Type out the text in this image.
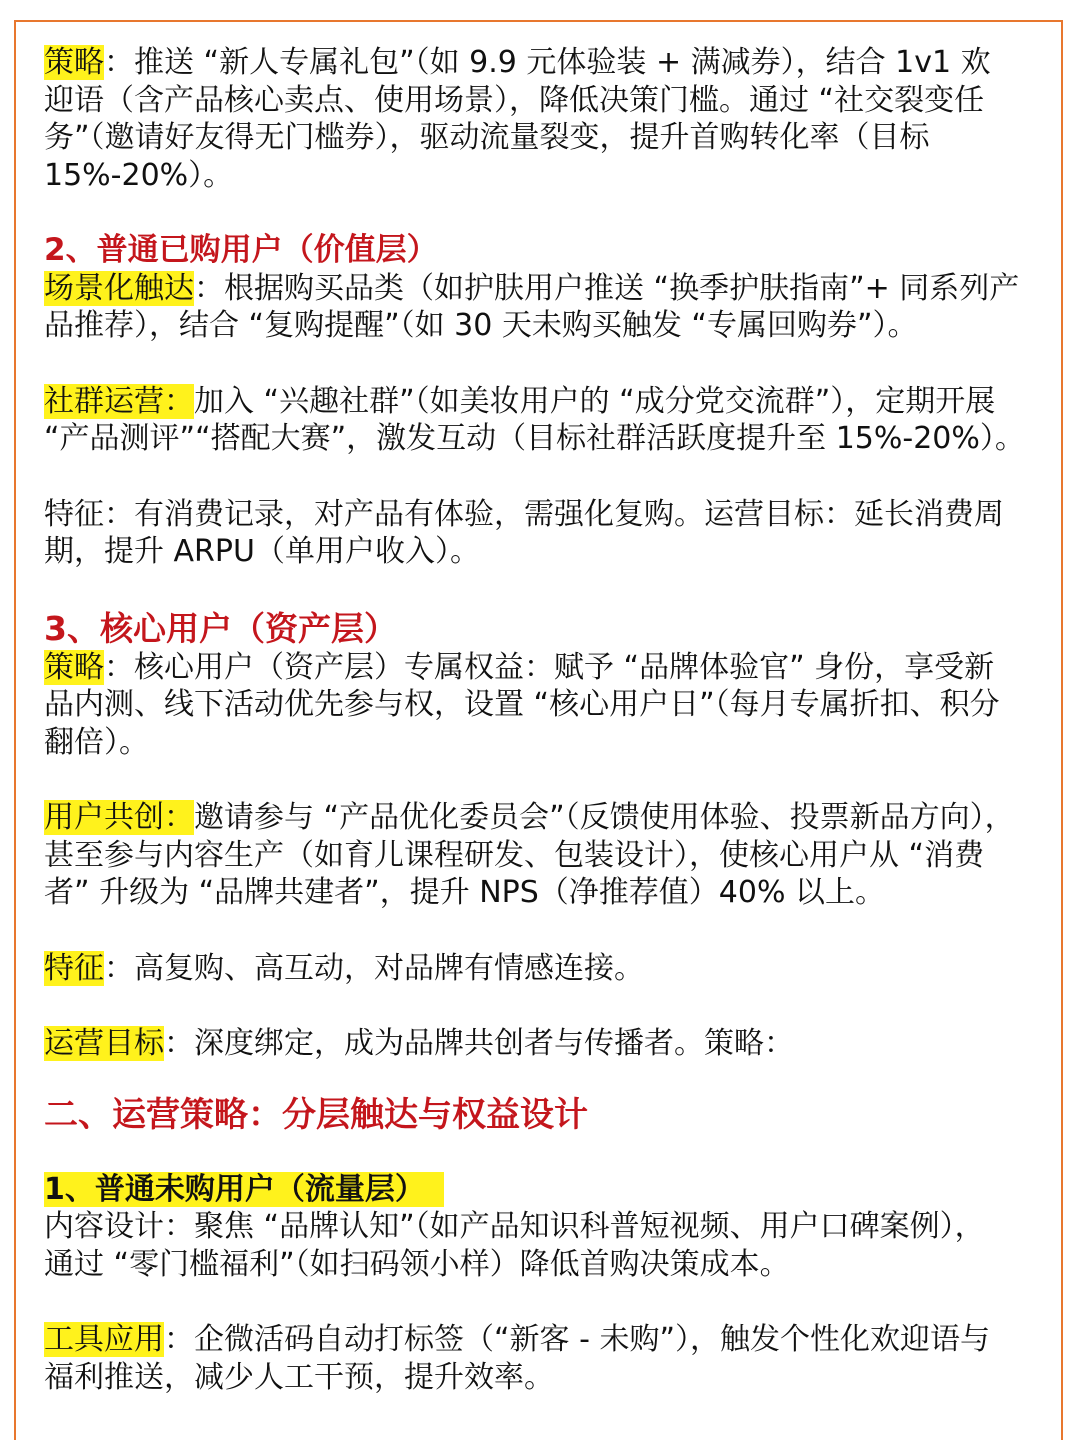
策略：推送 “新人专属礼包”（如 9.9 元体验装 + 满减券），结合 1v1 欢

迎语（含产品核心卖点、使用场景），降低决策门槛。通过 “社交裂变任

务”（邀请好友得无门槛券），驱动流量裂变，提升首购转化率（目标

15%-20%）。

2、普通已购用户（价值层）

场景化触达：根据购买品类（如护肤用户推送 “换季护肤指南”+ 同系列产

品推荐），结合 “复购提醒”（如 30 天未购买触发 “专属回购券”）。

社群运营：加入 “兴趣社群”（如美妆用户的 “成分党交流群”），定期开展

“产品测评”“搭配大赛”，激发互动（目标社群活跃度提升至 15%-20%）。

特征：有消费记录，对产品有体验，需强化复购。运营目标：延长消费周

期，提升 ARPU（单用户收入）。

3、核心用户（资产层）

策略：核心用户（资产层）专属权益：赋予 “品牌体验官” 身份，享受新

品内测、线下活动优先参与权，设置 “核心用户日”（每月专属折扣、积分

翻倍）。

用户共创：邀请参与 “产品优化委员会”（反馈使用体验、投票新品方向），

甚至参与内容生产（如育儿课程研发、包装设计），使核心用户从 “消费

者” 升级为 “品牌共建者”，提升 NPS（净推荐值）40% 以上。

特征：高复购、高互动，对品牌有情感连接。

运营目标：深度绑定，成为品牌共创者与传播者。策略：

二、运营策略：分层触达与权益设计

1、普通未购用户（流量层）

内容设计：聚焦 “品牌认知”（如产品知识科普短视频、用户口碑案例），

通过 “零门槛福利”（如扫码领小样）降低首购决策成本。

工具应用：企微活码自动打标签（“新客 - 未购”），触发个性化欢迎语与

福利推送，减少人工干预，提升效率。
